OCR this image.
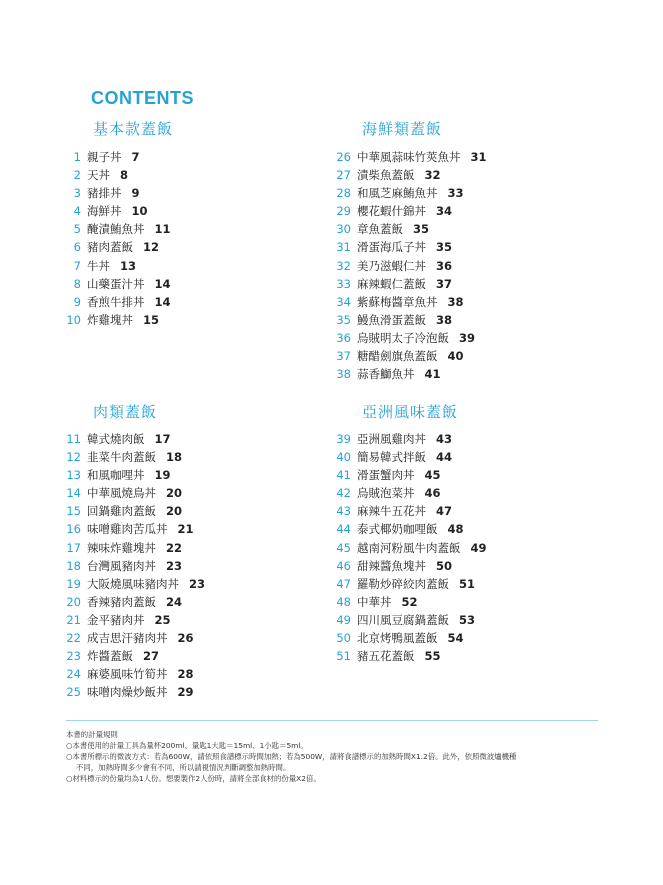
CONTENTS
基本款蓋飯
1 親子丼 7
2 天丼 8
3 豬排丼 9
4 海鮮丼 10
5 醃漬鮪魚丼 11
6 豬肉蓋飯 12
7 牛丼 13
8 山藥蛋汁丼 14
9 香煎牛排丼 14
10 炸雞塊丼 15
肉類蓋飯
11 韓式燒肉飯 17
12 韭菜牛肉蓋飯 18
13 和風咖哩丼 19
14 中華風燒鳥丼 20
15 回鍋雞肉蓋飯 20
16 味噌雞肉苦瓜丼 21
17 辣味炸雞塊丼 22
18 台灣風豬肉丼 23
19 大阪燒風味豬肉丼 23
20 香辣豬肉蓋飯 24
21 金平豬肉丼 25
22 成吉思汗豬肉丼 26
23 炸醬蓋飯 27
24 麻婆風味竹筍丼 28
25 味噌肉燥炒飯丼 29
海鮮類蓋飯
26 中華風蒜味竹莢魚丼 31
27 漬柴魚蓋飯 32
28 和風芝麻鮪魚丼 33
29 櫻花蝦什錦丼 34
30 章魚蓋飯 35
31 滑蛋海瓜子丼 35
32 美乃滋蝦仁丼 36
33 麻辣蝦仁蓋飯 37
34 紫蘇梅醬章魚丼 38
35 鰻魚滑蛋蓋飯 38
36 烏賊明太子冷泡飯 39
37 糖醋劍旗魚蓋飯 40
38 蒜香鰤魚丼 41
亞洲風味蓋飯
39 亞洲風雞肉丼 43
40 簡易韓式拌飯 44
41 滑蛋蟹肉丼 45
42 烏賊泡菜丼 46
43 麻辣牛五花丼 47
44 泰式椰奶咖哩飯 48
45 越南河粉風牛肉蓋飯 49
46 甜辣醬魚塊丼 50
47 羅勒炒碎絞肉蓋飯 51
48 中華丼 52
49 四川風豆腐鍋蓋飯 53
50 北京烤鴨風蓋飯 54
51 豬五花蓋飯 55
本書的計量規則
○本書使用的計量工具為量杯200ml、量匙1大匙＝15ml、1小匙＝5ml。
○本書所標示的微波方式：若為600W，請依照食譜標示時間加熱；若為500W，請將食譜標示的加熱時間X1.2倍。此外，依照微波爐機種
不同，加熱時間多少會有不同，所以請視情況判斷調整加熱時間。
○材料標示的份量均為1人份。想要製作2人份時，請將全部食材的份量X2倍。
